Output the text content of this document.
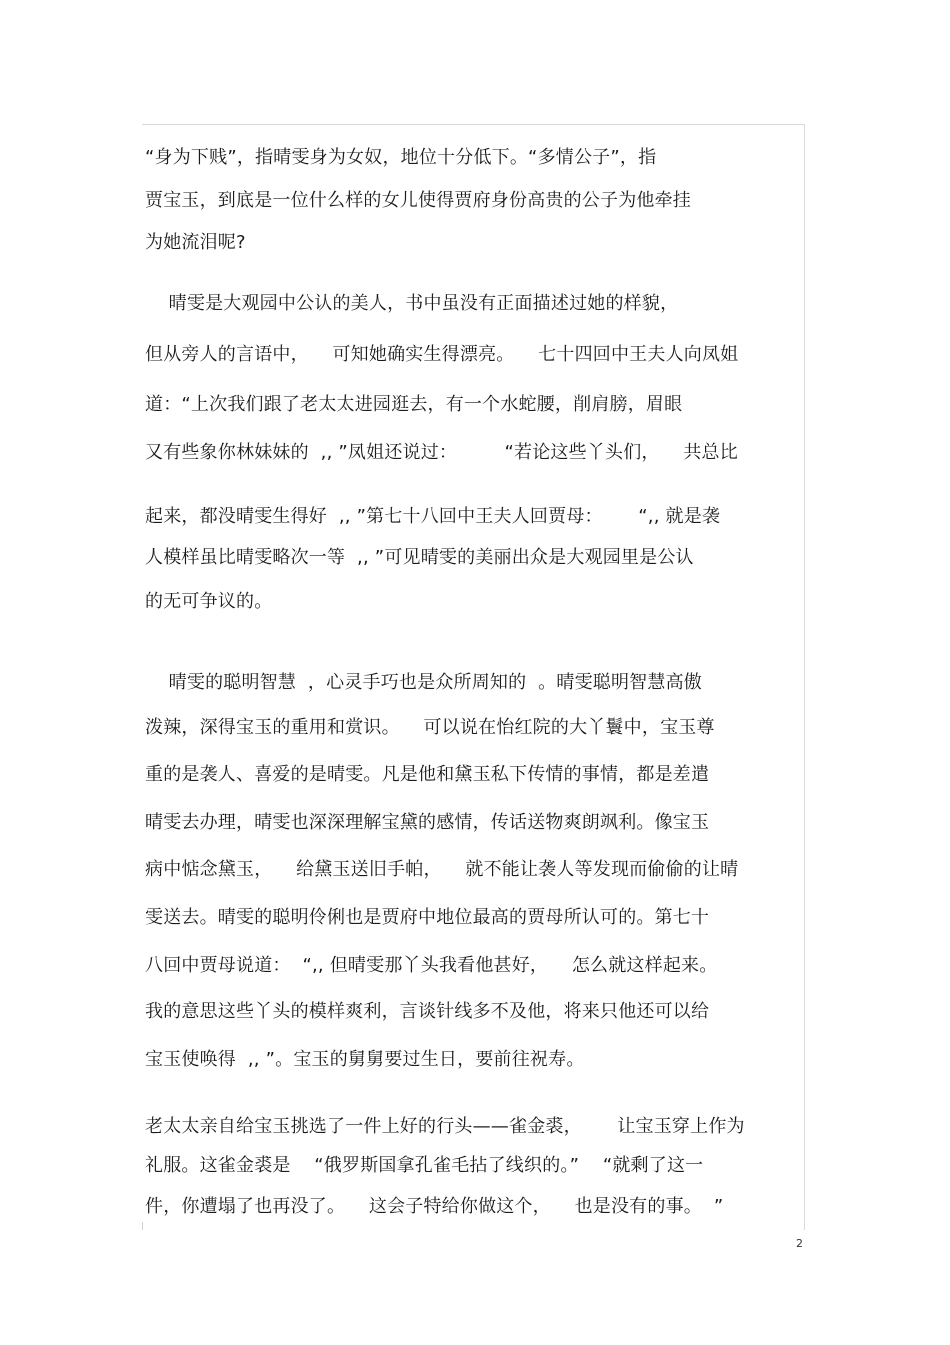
“身为下贱”，指晴雯身为女奴，地位十分低下。“多情公子”，指
贾宝玉，到底是一位什么样的女儿使得贾府身份高贵的公子为他牵挂
为她流泪呢?
晴雯是大观园中公认的美人，书中虽没有正面描述过她的样貌，
但从旁人的言语中，    可知她确实生得漂亮。    七十四回中王夫人向凤姐
道：“上次我们跟了老太太进园逛去，有一个水蛇腰，削肩膀，眉眼
又有些象你林妹妹的  ,, ”凤姐还说过：        “若论这些丫头们，    共总比
起来，都没晴雯生得好  ,, ”第七十八回中王夫人回贾母：      “,, 就是袭
人模样虽比晴雯略次一等  ,, ”可见晴雯的美丽出众是大观园里是公认
的无可争议的。
晴雯的聪明智慧  ，心灵手巧也是众所周知的  。晴雯聪明智慧高傲
泼辣，深得宝玉的重用和赏识。    可以说在怡红院的大丫鬟中，宝玉尊
重的是袭人、喜爱的是晴雯。凡是他和黛玉私下传情的事情，都是差遣
晴雯去办理，晴雯也深深理解宝黛的感情，传话送物爽朗飒利。像宝玉
病中惦念黛玉，    给黛玉送旧手帕，    就不能让袭人等发现而偷偷的让晴
雯送去。晴雯的聪明伶俐也是贾府中地位最高的贾母所认可的。第七十
八回中贾母说道：  “,, 但晴雯那丫头我看他甚好，    怎么就这样起来。
我的意思这些丫头的模样爽利，言谈针线多不及他，将来只他还可以给
宝玉使唤得  ,, ”。宝玉的舅舅要过生日，要前往祝寿。
老太太亲自给宝玉挑选了一件上好的行头——雀金裘，      让宝玉穿上作为
礼服。这雀金裘是    “俄罗斯国拿孔雀毛拈了线织的。”    “就剩了这一
件，你遭塌了也再没了。    这会子特给你做这个，    也是没有的事。  ”
2
